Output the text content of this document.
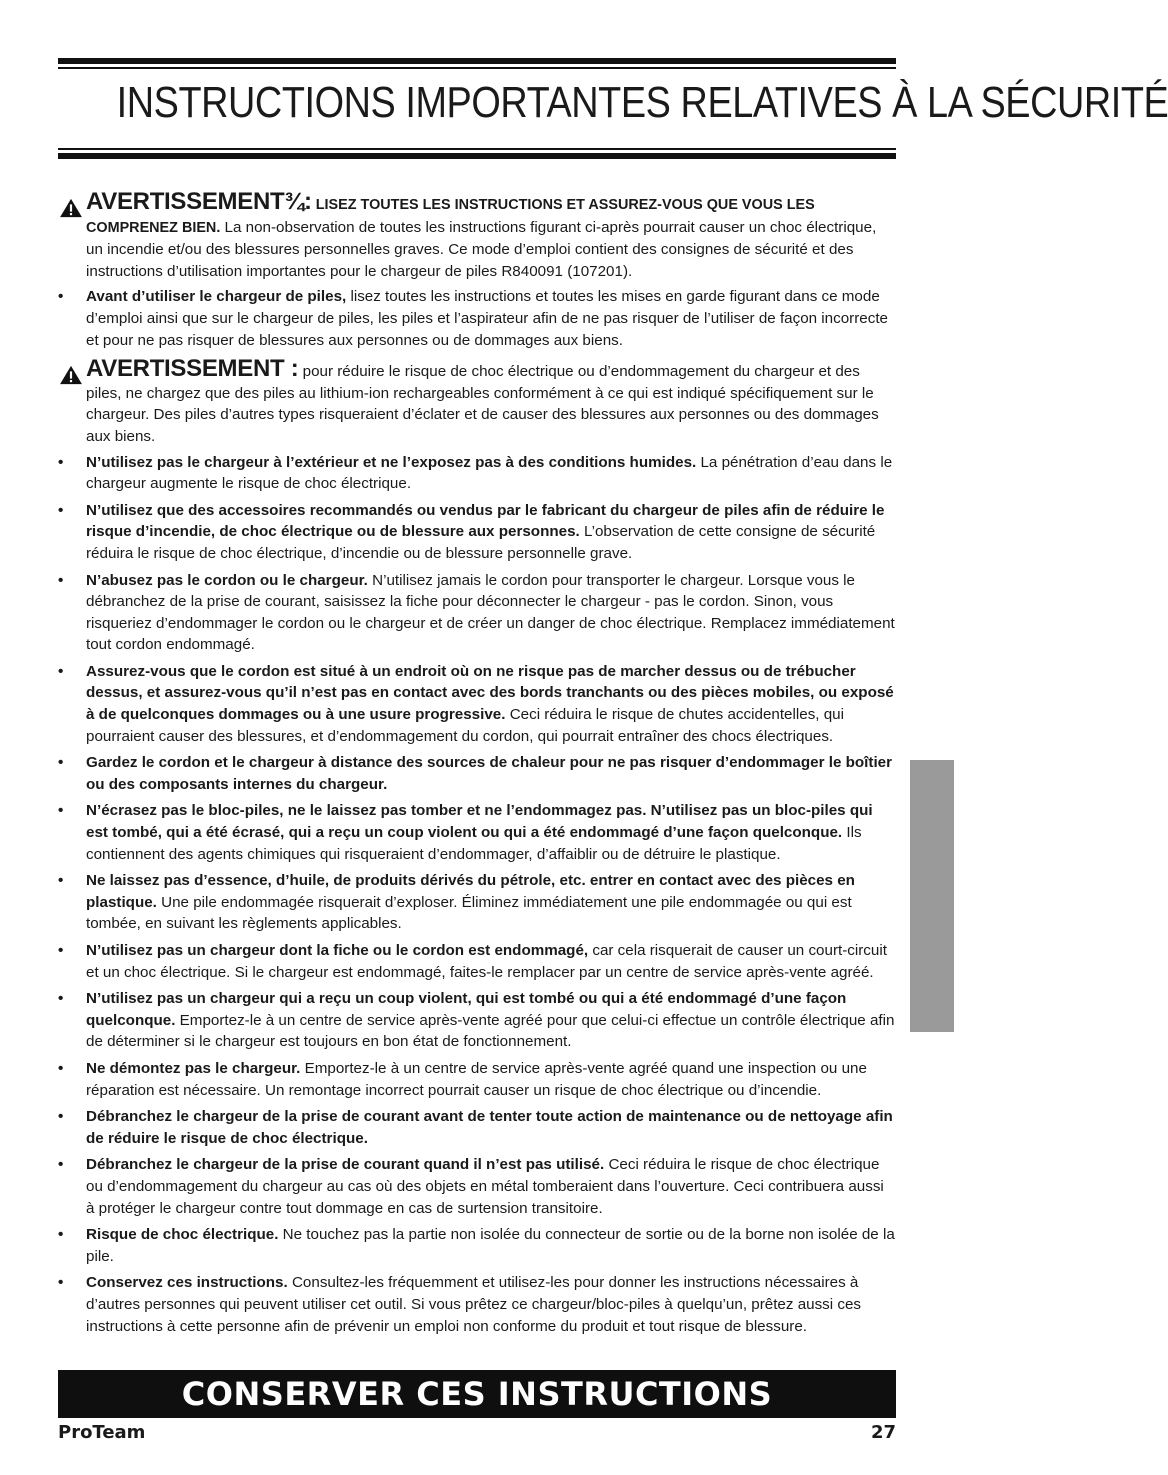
INSTRUCTIONS IMPORTANTES RELATIVES À LA SÉCURITÉ
AVERTISSEMENT¾: LISEZ TOUTES LES INSTRUCTIONS ET ASSUREZ-VOUS QUE VOUS LES COMPRENEZ BIEN. La non-observation de toutes les instructions figurant ci-après pourrait causer un choc électrique, un incendie et/ou des blessures personnelles graves. Ce mode d’emploi contient des consignes de sécurité et des instructions d’utilisation importantes pour le chargeur de piles R840091 (107201).
• Avant d’utiliser le chargeur de piles, lisez toutes les instructions et toutes les mises en garde figurant dans ce mode d’emploi ainsi que sur le chargeur de piles, les piles et l’aspirateur afin de ne pas risquer de l’utiliser de façon incorrecte et pour ne pas risquer de blessures aux personnes ou de dommages aux biens.
AVERTISSEMENT : pour réduire le risque de choc électrique ou d’endommagement du chargeur et des piles, ne chargez que des piles au lithium-ion rechargeables conformément à ce qui est indiqué spécifiquement sur le chargeur. Des piles d’autres types risqueraient d’éclater et de causer des blessures aux personnes ou des dommages aux biens.
• N’utilisez pas le chargeur à l’extérieur et ne l’exposez pas à des conditions humides. La pénétration d’eau dans le chargeur augmente le risque de choc électrique.
• N’utilisez que des accessoires recommandés ou vendus par le fabricant du chargeur de piles afin de réduire le risque d’incendie, de choc électrique ou de blessure aux personnes. L’observation de cette consigne de sécurité réduira le risque de choc électrique, d’incendie ou de blessure personnelle grave.
• N’abusez pas le cordon ou le chargeur. N’utilisez jamais le cordon pour transporter le chargeur. Lorsque vous le débranchez de la prise de courant, saisissez la fiche pour déconnecter le chargeur - pas le cordon. Sinon, vous risqueriez d’endommager le cordon ou le chargeur et de créer un danger de choc électrique. Remplacez immédiatement tout cordon endommagé.
• Assurez-vous que le cordon est situé à un endroit où on ne risque pas de marcher dessus ou de trébucher dessus, et assurez-vous qu’il n’est pas en contact avec des bords tranchants ou des pièces mobiles, ou exposé à de quelconques dommages ou à une usure progressive. Ceci réduira le risque de chutes accidentelles, qui pourraient causer des blessures, et d’endommagement du cordon, qui pourrait entraîner des chocs électriques.
• Gardez le cordon et le chargeur à distance des sources de chaleur pour ne pas risquer d’endommager le boîtier ou des composants internes du chargeur.
• N’écrasez pas le bloc-piles, ne le laissez pas tomber et ne l’endommagez pas. N’utilisez pas un bloc-piles qui est tombé, qui a été écrasé, qui a reçu un coup violent ou qui a été endommagé d’une façon quelconque. Ils contiennent des agents chimiques qui risqueraient d’endommager, d’affaiblir ou de détruire le plastique.
• Ne laissez pas d’essence, d’huile, de produits dérivés du pétrole, etc. entrer en contact avec des pièces en plastique. Une pile endommagée risquerait d’exploser. Éliminez immédiatement une pile endommagée ou qui est tombée, en suivant les règlements applicables.
• N’utilisez pas un chargeur dont la fiche ou le cordon est endommagé, car cela risquerait de causer un court-circuit et un choc électrique. Si le chargeur est endommagé, faites-le remplacer par un centre de service après-vente agréé.
• N’utilisez pas un chargeur qui a reçu un coup violent, qui est tombé ou qui a été endommagé d’une façon quelconque. Emportez-le à un centre de service après-vente agréé pour que celui-ci effectue un contrôle électrique afin de déterminer si le chargeur est toujours en bon état de fonctionnement.
• Ne démontez pas le chargeur. Emportez-le à un centre de service après-vente agréé quand une inspection ou une réparation est nécessaire. Un remontage incorrect pourrait causer un risque de choc électrique ou d’incendie.
• Débranchez le chargeur de la prise de courant avant de tenter toute action de maintenance ou de nettoyage afin de réduire le risque de choc électrique.
• Débranchez le chargeur de la prise de courant quand il n’est pas utilisé. Ceci réduira le risque de choc électrique ou d’endommagement du chargeur au cas où des objets en métal tomberaient dans l’ouverture. Ceci contribuera aussi à protéger le chargeur contre tout dommage en cas de surtension transitoire.
• Risque de choc électrique. Ne touchez pas la partie non isolée du connecteur de sortie ou de la borne non isolée de la pile.
• Conservez ces instructions. Consultez-les fréquemment et utilisez-les pour donner les instructions nécessaires à d’autres personnes qui peuvent utiliser cet outil. Si vous prêtez ce chargeur/bloc-piles à quelqu’un, prêtez aussi ces instructions à cette personne afin de prévenir un emploi non conforme du produit et tout risque de blessure.
CONSERVER CES INSTRUCTIONS
ProTeam	27
